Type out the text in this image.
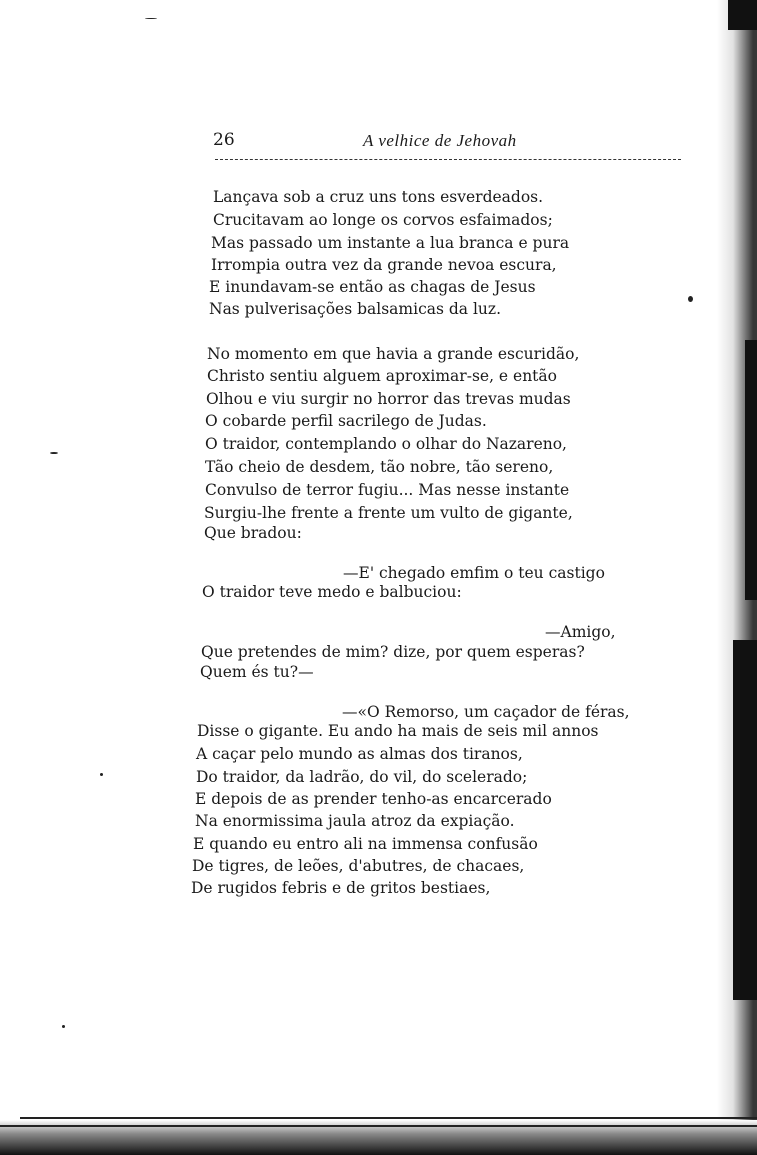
26	A velhice de Jehovah
Lançava sob a cruz uns tons esverdeados.
Crucitavam ao longe os corvos esfaimados;
Mas passado um instante a lua branca e pura
Irrompia outra vez da grande nevoa escura,
E inundavam-se então as chagas de Jesus
Nas pulverisações balsamicas da luz.
No momento em que havia a grande escuridão,
Christo sentiu alguem aproximar-se, e então
Olhou e viu surgir no horror das trevas mudas
O cobarde perfil sacrilego de Judas.
O traidor, contemplando o olhar do Nazareno,
Tão cheio de desdem, tão nobre, tão sereno,
Convulso de terror fugiu... Mas nesse instante
Surgiu-lhe frente a frente um vulto de gigante,
Que bradou:
—E' chegado emfim o teu castigo
O traidor teve medo e balbuciou:
—Amigo,
Que pretendes de mim? dize, por quem esperas?
Quem és tu?—
—«O Remorso, um caçador de féras,
Disse o gigante. Eu ando ha mais de seis mil annos
A caçar pelo mundo as almas dos tiranos,
Do traidor, da ladrão, do vil, do scelerado;
E depois de as prender tenho-as encarcerado
Na enormissima jaula atroz da expiação.
E quando eu entro ali na immensa confusão
De tigres, de leões, d'abutres, de chacaes,
De rugidos febris e de gritos bestiaes,
